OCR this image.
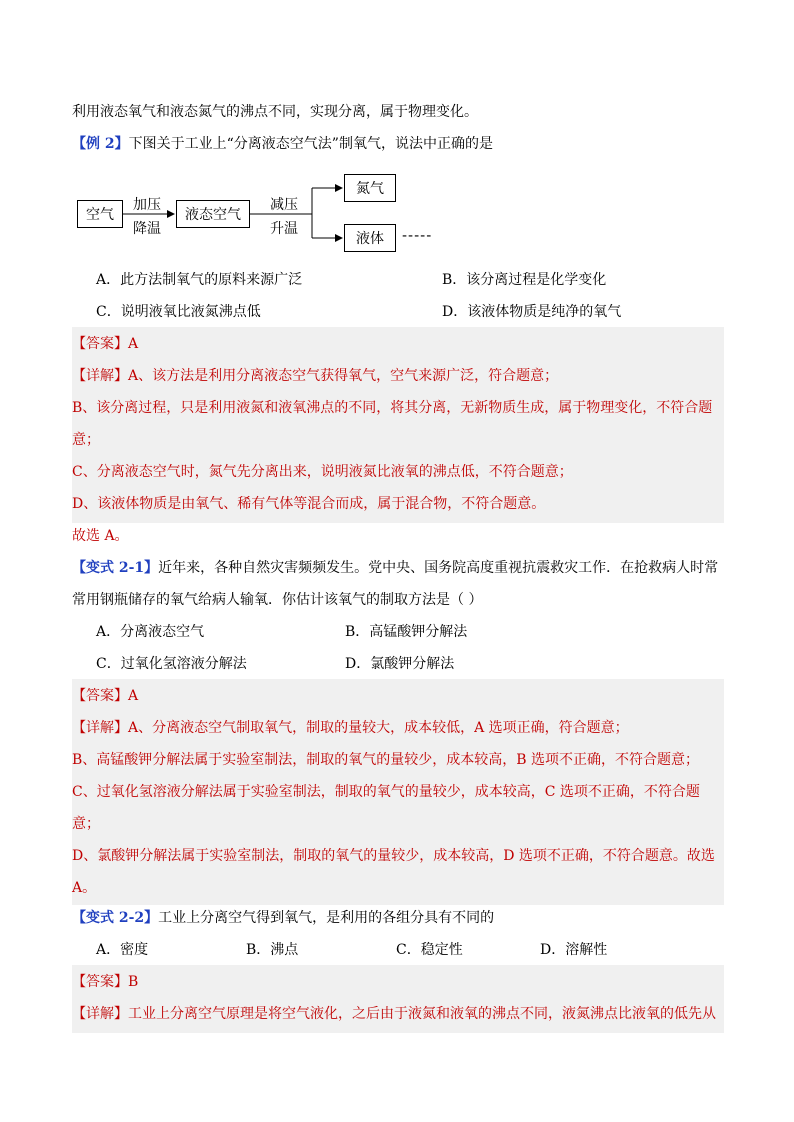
利用液态氧气和液态氮气的沸点不同，实现分离，属于物理变化。
【例 2】下图关于工业上“分离液态空气法”制氧气，说法中正确的是
空气
加压
降温
液态空气
减压
升温
氮气
液体	-----
A．此方法制氧气的原料来源广泛	B．该分离过程是化学变化
C．说明液氧比液氮沸点低	D．该液体物质是纯净的氧气
【答案】A
【详解】A、该方法是利用分离液态空气获得氧气，空气来源广泛，符合题意；
B、该分离过程，只是利用液氮和液氧沸点的不同，将其分离，无新物质生成，属于物理变化，不符合题
意；
C、分离液态空气时，氮气先分离出来，说明液氮比液氧的沸点低，不符合题意；
D、该液体物质是由氧气、稀有气体等混合而成，属于混合物，不符合题意。
故选 A。
【变式 2-1】近年来，各种自然灾害频频发生。党中央、国务院高度重视抗震救灾工作．在抢救病人时常
常用钢瓶储存的氧气给病人输氧．你估计该氧气的制取方法是（ ）
A．分离液态空气	B．高锰酸钾分解法
C．过氧化氢溶液分解法	D．氯酸钾分解法
【答案】A
【详解】A、分离液态空气制取氧气，制取的量较大，成本较低，A 选项正确，符合题意；
B、高锰酸钾分解法属于实验室制法，制取的氧气的量较少，成本较高，B 选项不正确，不符合题意；
C、过氧化氢溶液分解法属于实验室制法，制取的氧气的量较少，成本较高，C 选项不正确，不符合题
意；
D、氯酸钾分解法属于实验室制法，制取的氧气的量较少，成本较高，D 选项不正确，不符合题意。故选
A。
【变式 2-2】工业上分离空气得到氧气，是利用的各组分具有不同的
A．密度	B．沸点	C．稳定性	D．溶解性
【答案】B
【详解】工业上分离空气原理是将空气液化，之后由于液氮和液氧的沸点不同，液氮沸点比液氧的低先从
